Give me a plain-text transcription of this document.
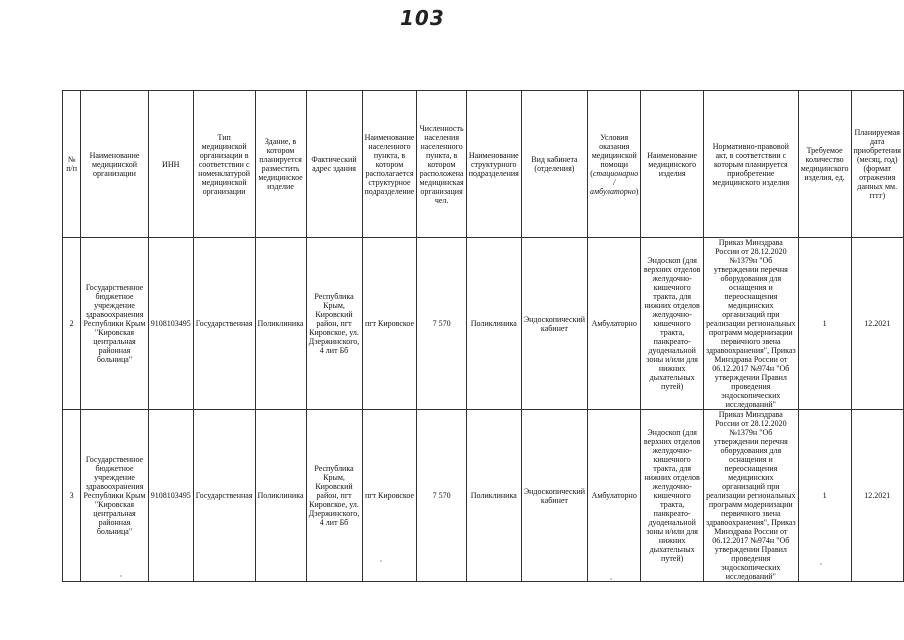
103
№ п/п	Наименование медицинской организации	ИНН	Тип медицинской организации в соответствии с номенклатурой медицинской организации	Здание, в котором планируется разместить медицинское изделие	Фактический адрес здания	Наименование населенного пункта, в котором располагается структурное подразделение	Численность населения населенного пункта, в котором расположена медицинская организация чел.	Наименование структурного подразделения	Вид кабинета (отделения)	Условия оказания медицинской помощи (стационарно / амбулаторно)	Наименование медицинского изделия	Нормативно-правовой акт, в соответствии с которым планируется приобретение медицинского изделия	Требуемое количество медицинского изделия, ед.	Планируемая дата приобретения (месяц, год) (формат отражения данных мм. гггг)
2	Государственное бюджетное учреждение здравоохранения Республики Крым "Кировская центральная районная больница"	9108103495	Государственная	Поликлиника	Республика Крым, Кировский район, пгт Кировское, ул. Дзержинского, 4 лит Бб	пгт Кировское	7 570	Поликлиника	Эндоскопический кабинет	Амбулаторно	Эндоскоп (для верхних отделов желудочно-кишечного тракта, для нижних отделов желудочно-кишечного тракта, панкреато-дуоденальной зоны и/или для нижних дыхательных путей)	Приказ Минздрава России от 28.12.2020 №1379н "Об утверждении перечня оборудования для оснащения и переоснащения медицинских организаций при реализации региональных программ модернизации первичного звена здравоохранения", Приказ Минздрава России от 06.12.2017 №974н "Об утверждении Правил проведения эндоскопических исследований"	1	12.2021
3	Государственное бюджетное учреждение здравоохранения Республики Крым "Кировская центральная районная больница"	9108103495	Государственная	Поликлиника	Республика Крым, Кировский район, пгт Кировское, ул. Дзержинского, 4 лит Бб	пгт Кировское	7 570	Поликлиника	Эндоскопический кабинет	Амбулаторно	Эндоскоп (для верхних отделов желудочно-кишечного тракта, для нижних отделов желудочно-кишечного тракта, панкреато-дуоденальной зоны и/или для нижних дыхательных путей)	Приказ Минздрава России от 28.12.2020 №1379н "Об утверждении перечня оборудования для оснащения и переоснащения медицинских организаций при реализации региональных программ модернизации первичного звена здравоохранения", Приказ Минздрава России от 06.12.2017 №974н "Об утверждении Правил проведения эндоскопических исследований"	1	12.2021
